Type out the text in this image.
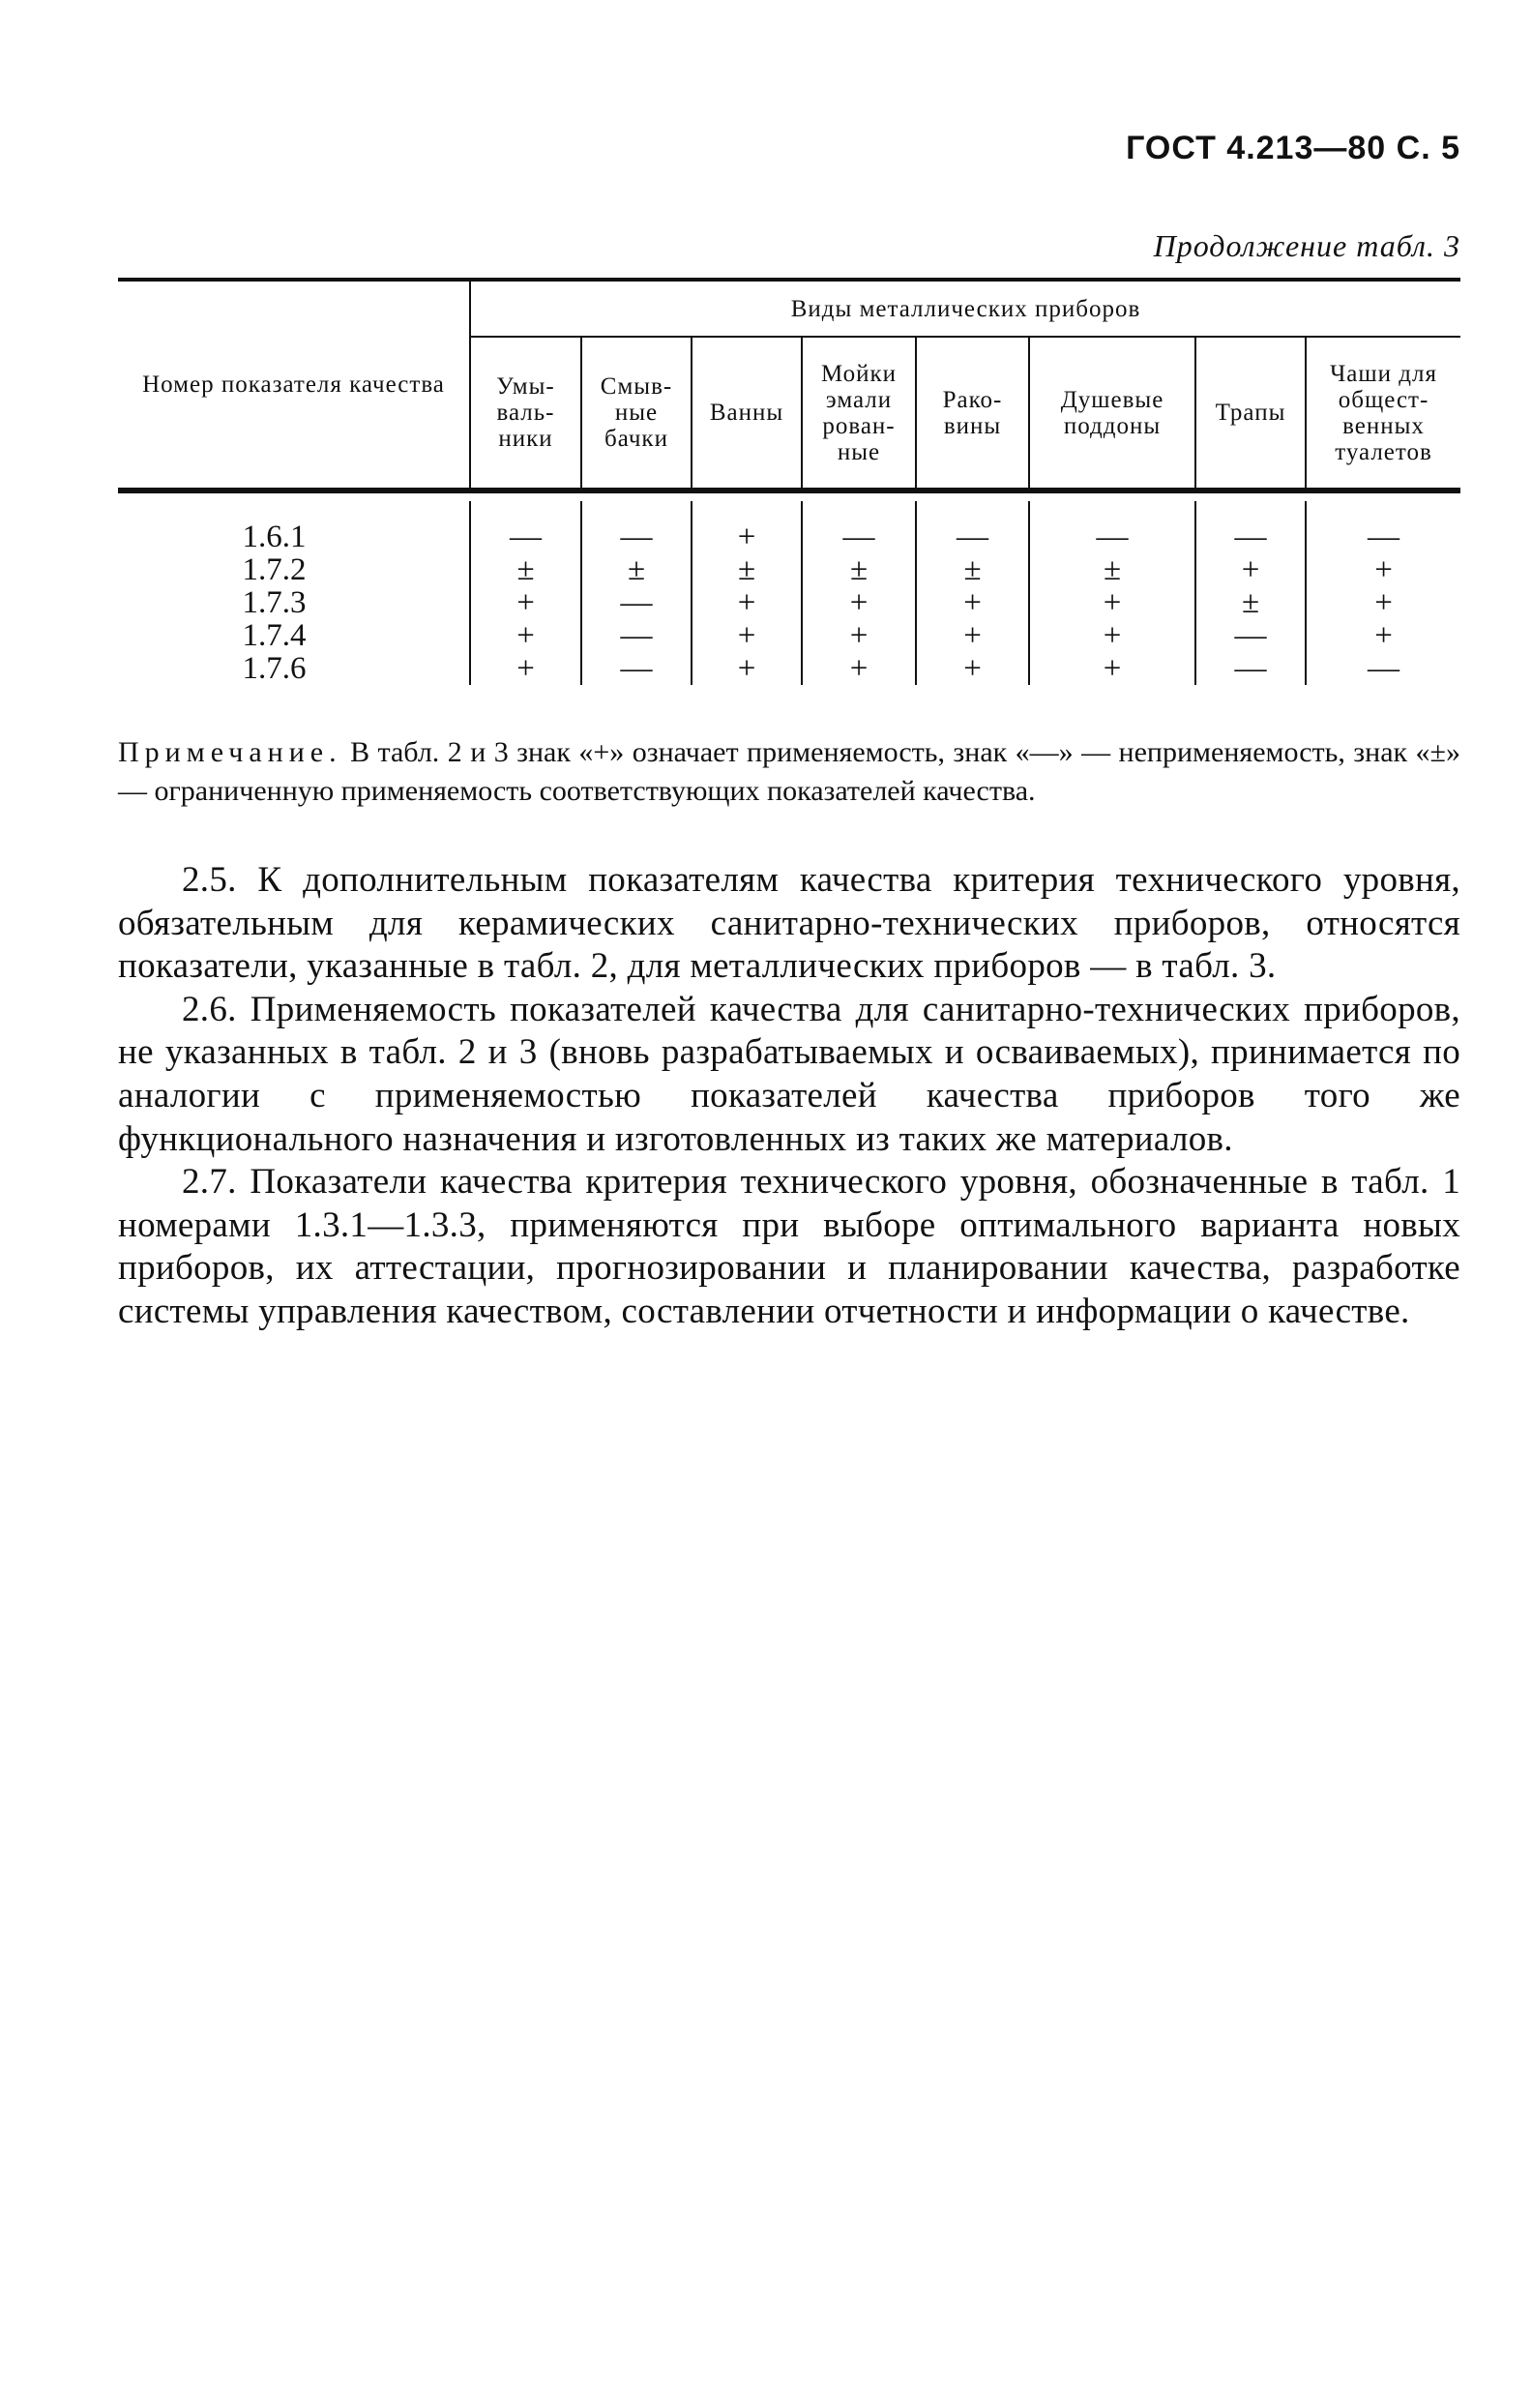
ГОСТ 4.213—80 С. 5
Продолжение табл. 3
Номер показателя качества	Виды металлических приборов							
	Умы-валь-ники	Смыв-ные бачки	Ванны	Мойки эмали рован-ные	Рако-вины	Душевые поддоны	Трапы	Чаши для общест-венных туалетов

1.6.1	—	—	+	—	—	—	—	—
1.7.2	±	±	±	±	±	±	+	+
1.7.3	+	—	+	+	+	+	±	+
1.7.4	+	—	+	+	+	+	—	+
1.7.6	+	—	+	+	+	+	—	—
Примечание. В табл. 2 и 3 знак «+» означает применяемость, знак «—» — неприменяемость, знак «±» — ограниченную применяемость соответствующих показателей качества.

2.5. К дополнительным показателям качества критерия технического уровня, обязательным для керамических санитарно-технических приборов, относятся показатели, указанные в табл. 2, для металлических приборов — в табл. 3.

2.6. Применяемость показателей качества для санитарно-технических приборов, не указанных в табл. 2 и 3 (вновь разрабатываемых и осваиваемых), принимается по аналогии с применяемостью показателей качества приборов того же функционального назначения и изготовленных из таких же материалов.

2.7. Показатели качества критерия технического уровня, обозначенные в табл. 1 номерами 1.3.1—1.3.3, применяются при выборе оптимального варианта новых приборов, их аттестации, прогнозировании и планировании качества, разработке системы управления качеством, составлении отчетности и информации о качестве.
